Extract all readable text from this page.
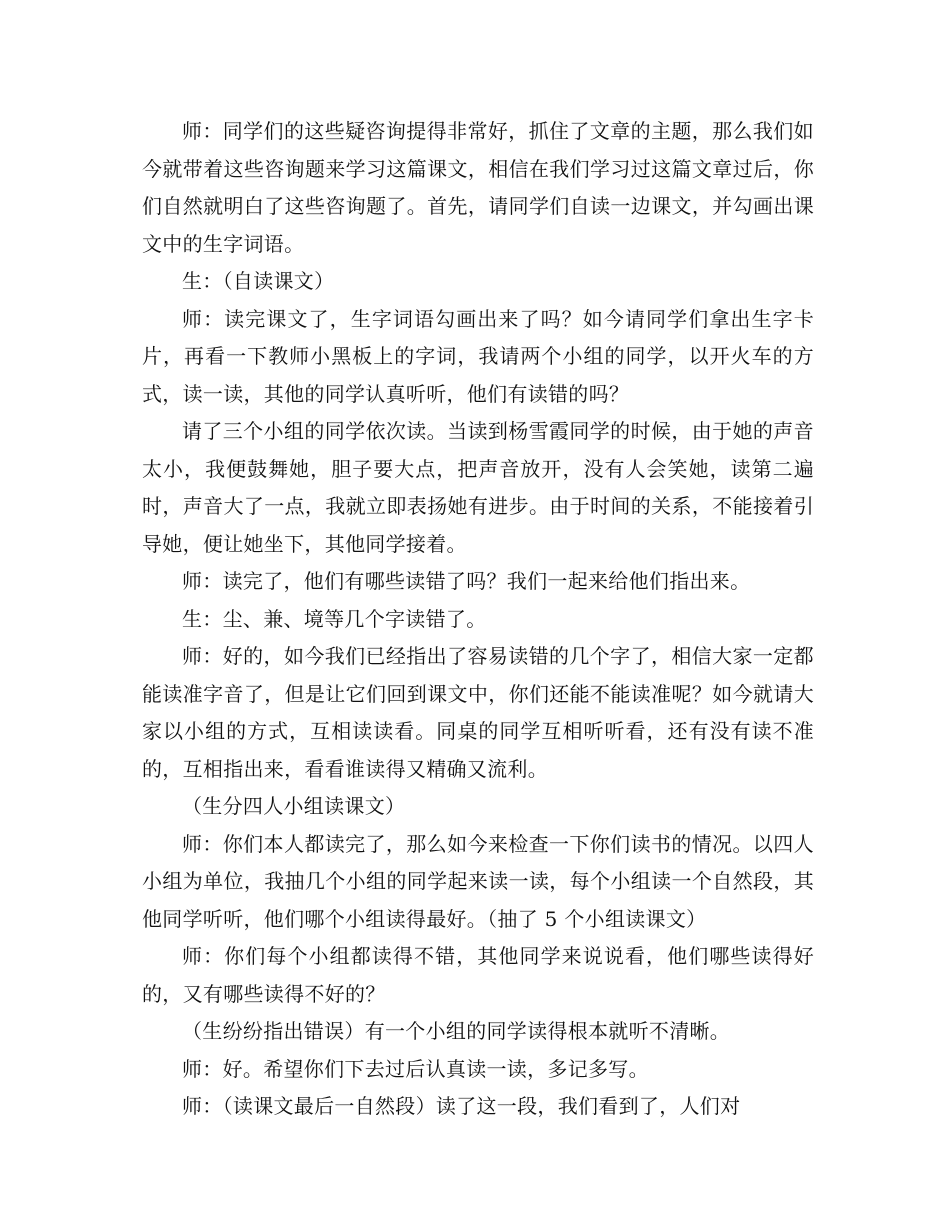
师：同学们的这些疑咨询提得非常好，抓住了文章的主题，那么我们如今就带着这些咨询题来学习这篇课文，相信在我们学习过这篇文章过后，你们自然就明白了这些咨询题了。首先，请同学们自读一边课文，并勾画出课文中的生字词语。

生：（自读课文）

师：读完课文了，生字词语勾画出来了吗？如今请同学们拿出生字卡片，再看一下教师小黑板上的字词，我请两个小组的同学，以开火车的方式，读一读，其他的同学认真听听，他们有读错的吗？

请了三个小组的同学依次读。当读到杨雪霞同学的时候，由于她的声音太小，我便鼓舞她，胆子要大点，把声音放开，没有人会笑她，读第二遍时，声音大了一点，我就立即表扬她有进步。由于时间的关系，不能接着引导她，便让她坐下，其他同学接着。

师：读完了，他们有哪些读错了吗？我们一起来给他们指出来。

生：尘、兼、境等几个字读错了。

师：好的，如今我们已经指出了容易读错的几个字了，相信大家一定都能读准字音了，但是让它们回到课文中，你们还能不能读准呢？如今就请大家以小组的方式，互相读读看。同桌的同学互相听听看，还有没有读不准的，互相指出来，看看谁读得又精确又流利。

（生分四人小组读课文）

师：你们本人都读完了，那么如今来检查一下你们读书的情况。以四人小组为单位，我抽几个小组的同学起来读一读，每个小组读一个自然段，其他同学听听，他们哪个小组读得最好。（抽了 5 个小组读课文）

师：你们每个小组都读得不错，其他同学来说说看，他们哪些读得好的，又有哪些读得不好的？

（生纷纷指出错误）有一个小组的同学读得根本就听不清晰。

师：好。希望你们下去过后认真读一读，多记多写。

师：（读课文最后一自然段）读了这一段，我们看到了，人们对
